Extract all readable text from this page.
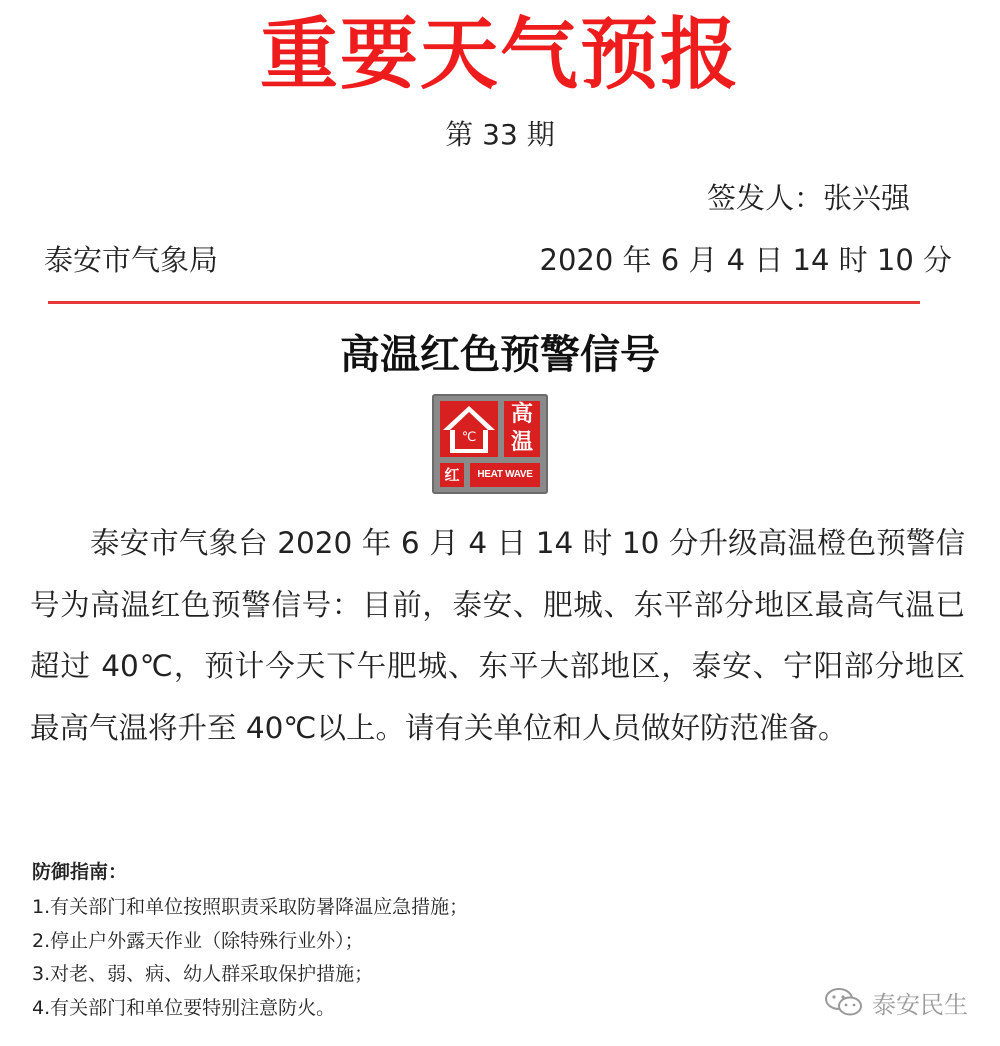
重要天气预报
第 33 期
签发人：张兴强
泰安市气象局	2020 年 6 月 4 日 14 时 10 分
高温红色预警信号
℃
高
温
红	HEAT WAVE

泰安市气象台 2020 年 6 月 4 日 14 时 10 分升级高温橙色预警信号为高温红色预警信号：目前，泰安、肥城、东平部分地区最高气温已超过 40℃，预计今天下午肥城、东平大部地区，泰安、宁阳部分地区最高气温将升至 40℃以上。请有关单位和人员做好防范准备。

防御指南：
1.有关部门和单位按照职责采取防暑降温应急措施；
2.停止户外露天作业（除特殊行业外）；
3.对老、弱、病、幼人群采取保护措施；
4.有关部门和单位要特别注意防火。	泰安民生
